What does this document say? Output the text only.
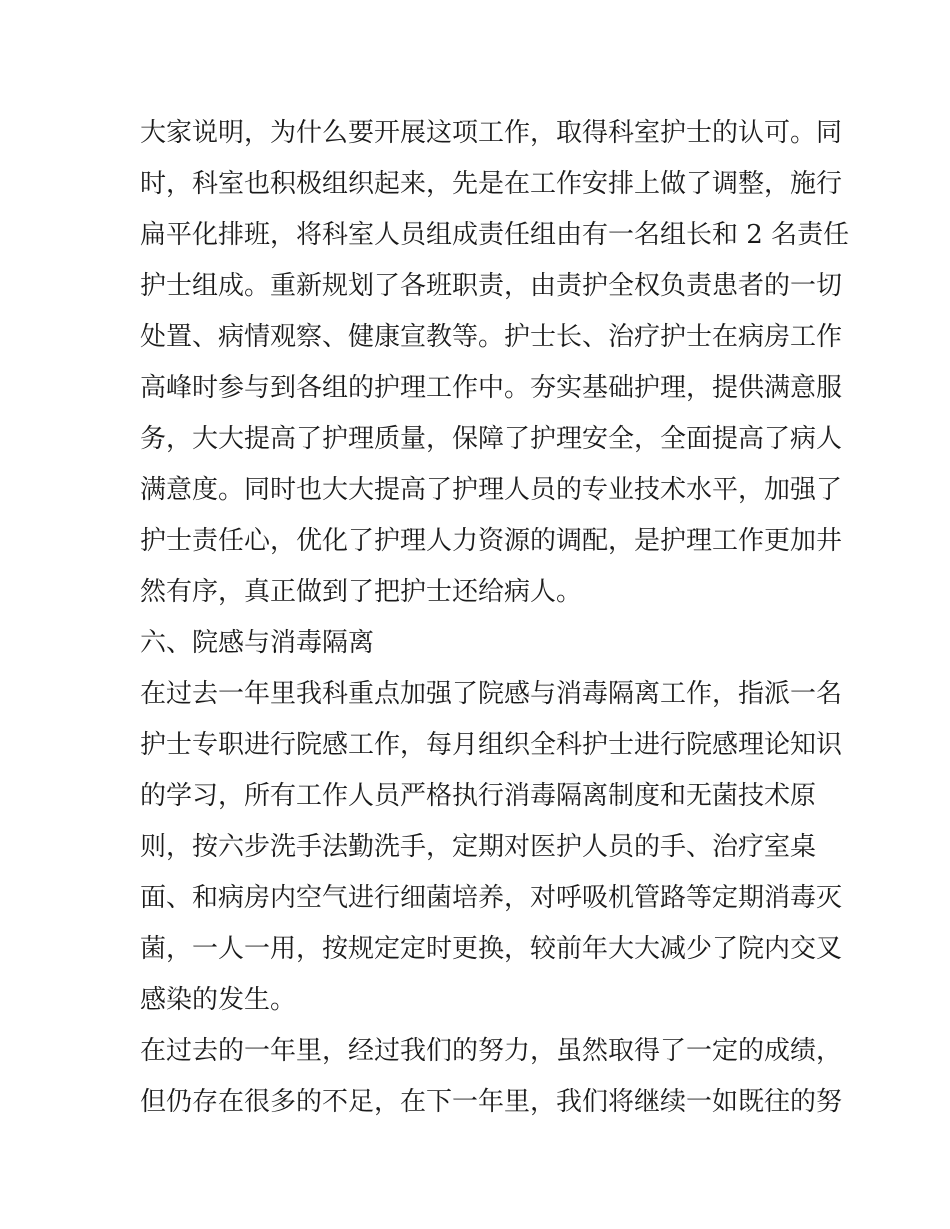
大家说明，为什么要开展这项工作，取得科室护士的认可。同
时，科室也积极组织起来，先是在工作安排上做了调整，施行
扁平化排班，将科室人员组成责任组由有一名组长和 2 名责任
护士组成。重新规划了各班职责，由责护全权负责患者的一切
处置、病情观察、健康宣教等。护士长、治疗护士在病房工作
高峰时参与到各组的护理工作中。夯实基础护理，提供满意服
务，大大提高了护理质量，保障了护理安全，全面提高了病人
满意度。同时也大大提高了护理人员的专业技术水平，加强了
护士责任心，优化了护理人力资源的调配，是护理工作更加井
然有序，真正做到了把护士还给病人。
六、院感与消毒隔离
在过去一年里我科重点加强了院感与消毒隔离工作，指派一名
护士专职进行院感工作，每月组织全科护士进行院感理论知识
的学习，所有工作人员严格执行消毒隔离制度和无菌技术原
则，按六步洗手法勤洗手，定期对医护人员的手、治疗室桌
面、和病房内空气进行细菌培养，对呼吸机管路等定期消毒灭
菌，一人一用，按规定定时更换，较前年大大减少了院内交叉
感染的发生。
在过去的一年里，经过我们的努力，虽然取得了一定的成绩，
但仍存在很多的不足，在下一年里，我们将继续一如既往的努
